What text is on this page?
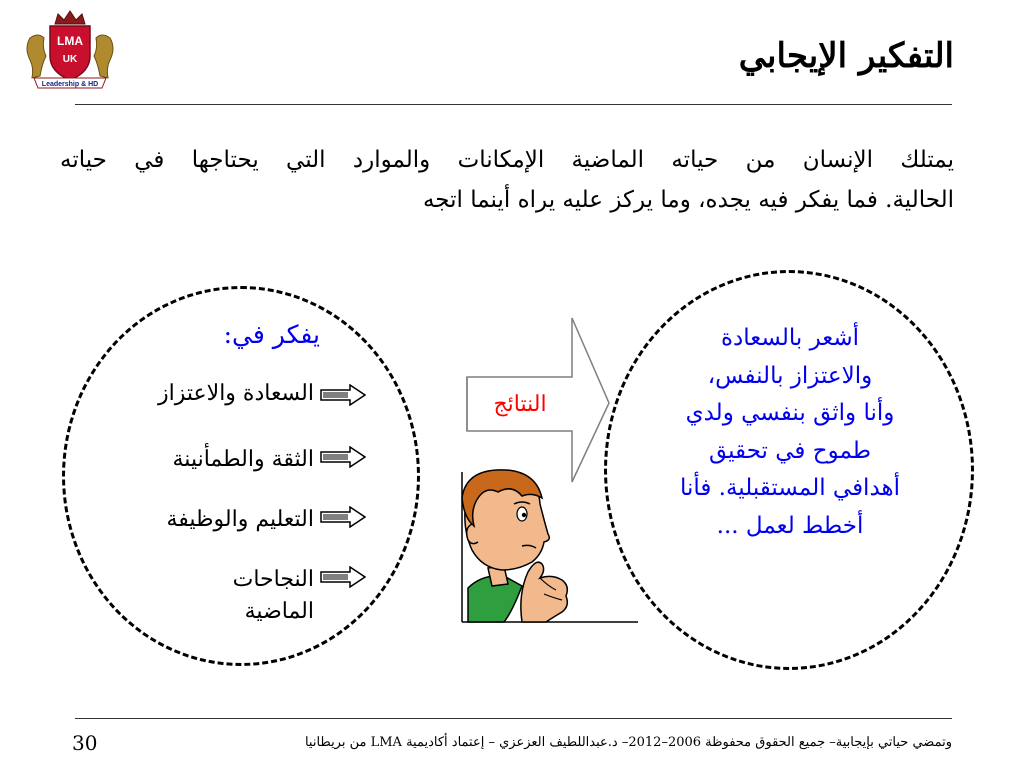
LMA
UK
Leadership & HD
التفكير الإيجابي
يمتلك الإنسان من حياته الماضية الإمكانات والموارد التي يحتاجها في حياته
الحالية. فما يفكر فيه يجده، وما يركز عليه يراه أينما اتجه
يفكر في:
السعادة والاعتزاز
الثقة والطمأنينة
التعليم والوظيفة
النجاحات
الماضية
النتائج
أشعر بالسعادة
والاعتزاز بالنفس،
وأنا واثق بنفسي ولدي
طموح في تحقيق
أهدافي المستقبلية. فأنا
أخطط لعمل ...
وتمضي حياتي بإيجابية– جميع الحقوق محفوظة 2006–2012– د.عبداللطيف العزعزي – إعتماد أكاديمية LMA من بريطانيا
30
